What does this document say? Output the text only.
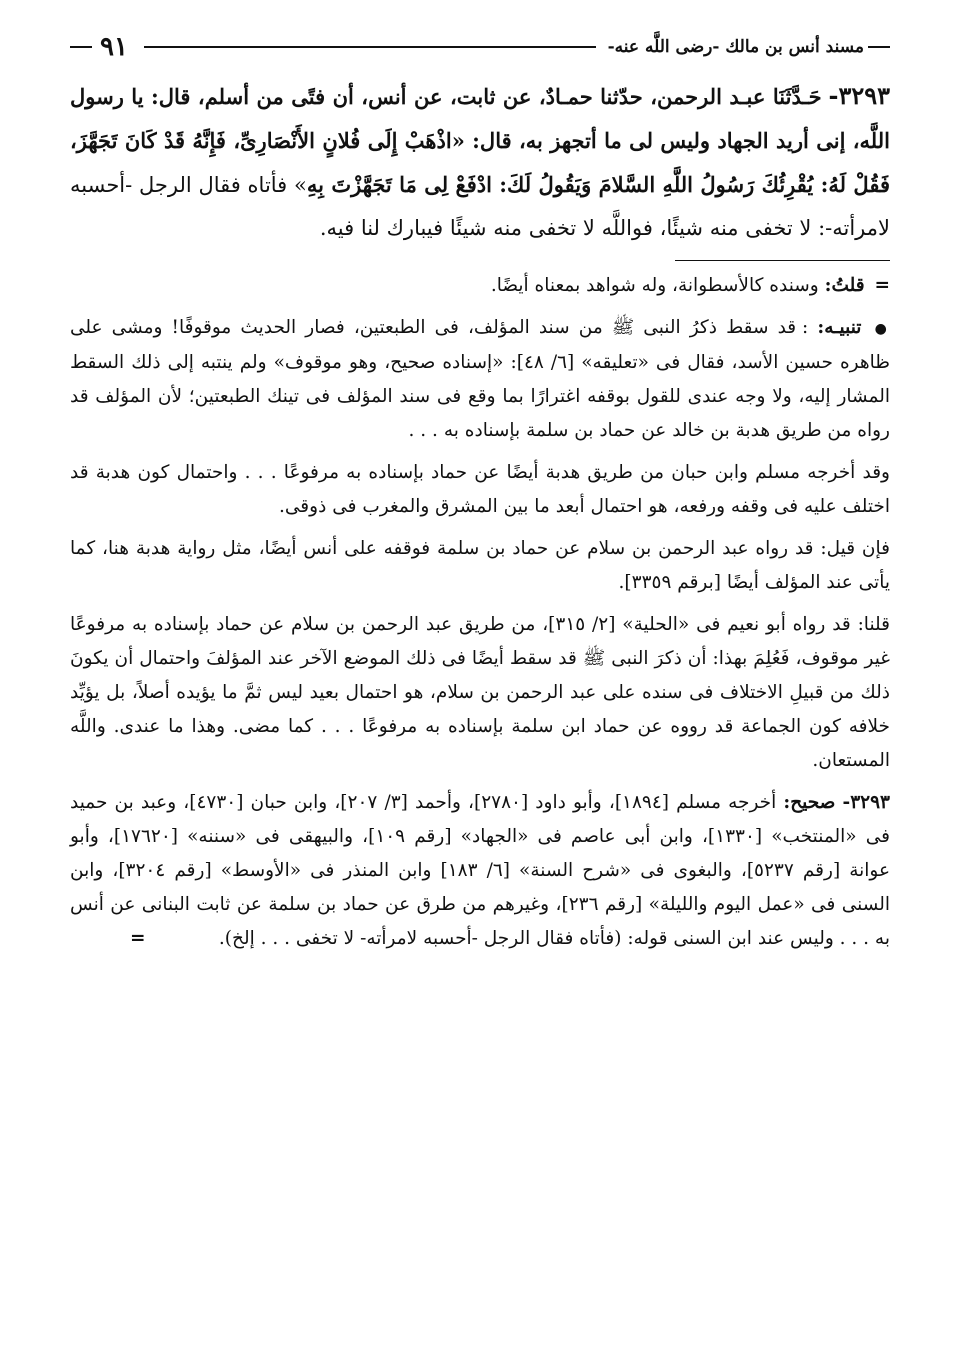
مسند أنس بن مالك -رضى اللَّه عنه-
٩١
٣٢٩٣- حَـدَّثَنَا عبـد الرحمن، حدّثنا حمـادٌ، عن ثابت، عن أنس، أن فتًى من أسلم، قال: يا رسول اللَّه، إنى أريد الجهاد وليس لى ما أتجهز به، قال: «اذْهَبْ إِلَى فُلانٍ الأَنْصَارِىِّ، فَإِنَّهُ قَدْ كَانَ تَجَهَّزَ، فَقُلْ لَهُ: يُقْرِئُكَ رَسُولُ اللَّهِ السَّلامَ وَيَقُولُ لَكَ: ادْفَعْ لِى مَا تَجَهَّزْتَ بِهِ» فأتاه فقال الرجل -أحسبه لامرأته-: لا تخفى منه شيئًا، فواللَّه لا تخفى منه شيئًا فيبارك لنا فيه.

= قلتُ: وسنده كالأسطوانة، وله شواهد بمعناه أيضًا.

● تنبيـه: : قد سقط ذكرُ النبى ﷺ من سند المؤلف، فى الطبعتين، فصار الحديث موقوفًا! ومشى على ظاهره حسين الأسد، فقال فى «تعليقه» [٦/ ٤٨]: «إسناده صحيح، وهو موقوف» ولم ينتبه إلى ذلك السقط المشار إليه، ولا وجه عندى للقول بوقفه اغترارًا بما وقع فى سند المؤلف فى تينك الطبعتين؛ لأن المؤلف قد رواه من طريق هدبة بن خالد عن حماد بن سلمة بإسناده به . . .

وقد أخرجه مسلم وابن حبان من طريق هدبة أيضًا عن حماد بإسناده به مرفوعًا . . . واحتمال كون هدبة قد اختلف عليه فى وقفه ورفعه، هو احتمال أبعد ما بين المشرق والمغرب فى ذوقى.

فإن قيل: قد رواه عبد الرحمن بن سلام عن حماد بن سلمة فوقفه على أنس أيضًا، مثل رواية هدبة هنا، كما يأتى عند المؤلف أيضًا [برقم ٣٣٥٩].

قلنا: قد رواه أبو نعيم فى «الحلية» [٢/ ٣١٥]، من طريق عبد الرحمن بن سلام عن حماد بإسناده به مرفوعًا غير موقوف، فَعُلِمَ بهذا: أن ذكرَ النبى ﷺ قد سقط أيضًا فى ذلك الموضع الآخر عند المؤلفَ واحتمال أن يكونَ ذلك من قبيلِ الاختلاف فى سنده على عبد الرحمن بن سلام، هو احتمال بعيد ليس ثمَّ ما يؤيده أصلاً، بل يؤيِّد خلافه كون الجماعة قد رووه عن حماد ابن سلمة بإسناده به مرفوعًا . . . كما مضى. وهذا ما عندى. واللَّه المستعان.

٣٢٩٣- صحيح: أخرجه مسلم [١٨٩٤]، وأبو داود [٢٧٨٠]، وأحمد [٣/ ٢٠٧]، وابن حبان [٤٧٣٠]، وعبد بن حميد فى «المنتخب» [١٣٣٠]، وابن أبى عاصم فى «الجهاد» [رقم ١٠٩]، والبيهقى فى «سننه» [١٧٦٢٠]، وأبو عوانة [رقم ٥٢٣٧]، والبغوى فى «شرح السنة» [٦/ ١٨٣] وابن المنذر فى «الأوسط» [رقم ٣٢٠٤]، وابن السنى فى «عمل اليوم والليلة» [رقم ٢٣٦]، وغيرهم من طرق عن حماد بن سلمة عن ثابت البنانى عن أنس به . . . وليس عند ابن السنى قوله: (فأتاه فقال الرجل -أحسبه لامرأته- لا تخفى . . . إلخ).
=
